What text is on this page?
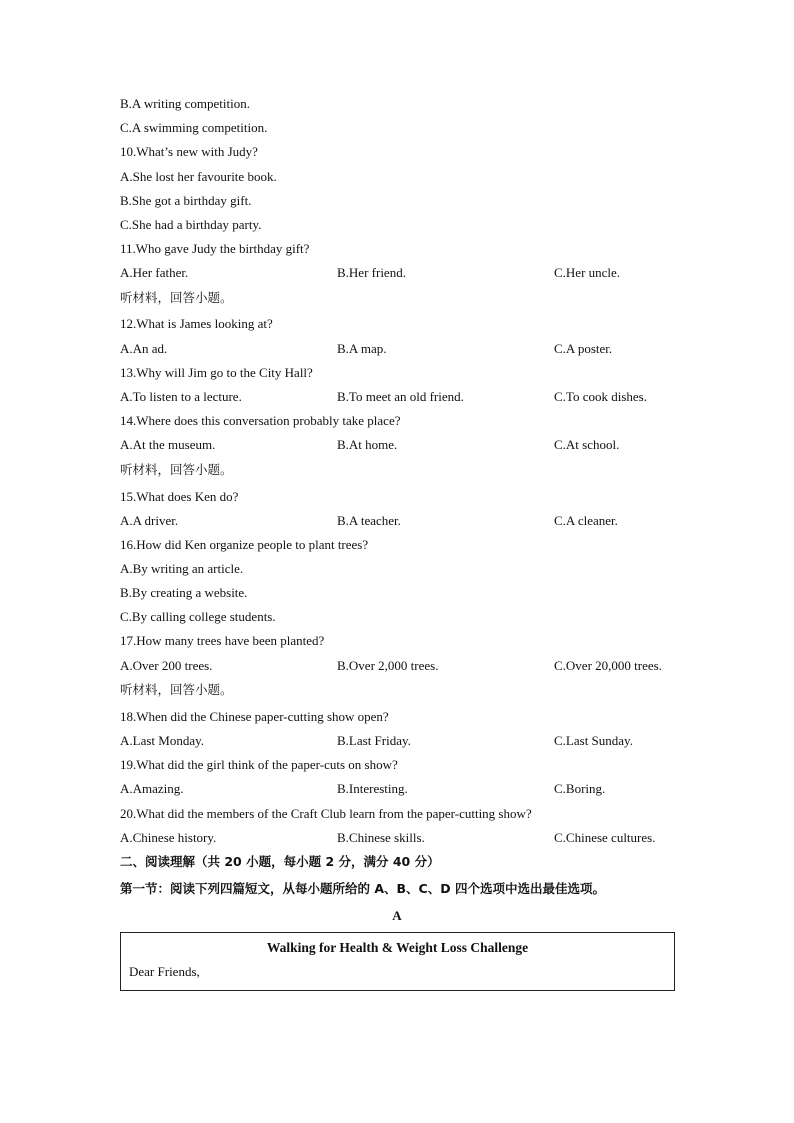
B.A writing competition.
C.A swimming competition.
10.What’s new with Judy?
A.She lost her favourite book.
B.She got a birthday gift.
C.She had a birthday party.
11.Who gave Judy the birthday gift?
A.Her father.	B.Her friend.	C.Her uncle.
听材料，回答小题。
12.What is James looking at?
A.An ad.	B.A map.	C.A poster.
13.Why will Jim go to the City Hall?
A.To listen to a lecture.	B.To meet an old friend.	C.To cook dishes.
14.Where does this conversation probably take place?
A.At the museum.	B.At home.	C.At school.
听材料，回答小题。
15.What does Ken do?
A.A driver.	B.A teacher.	C.A cleaner.
16.How did Ken organize people to plant trees?
A.By writing an article.
B.By creating a website.
C.By calling college students.
17.How many trees have been planted?
A.Over 200 trees.	B.Over 2,000 trees.	C.Over 20,000 trees.
听材料，回答小题。
18.When did the Chinese paper-cutting show open?
A.Last Monday.	B.Last Friday.	C.Last Sunday.
19.What did the girl think of the paper-cuts on show?
A.Amazing.	B.Interesting.	C.Boring.
20.What did the members of the Craft Club learn from the paper-cutting show?
A.Chinese history.	B.Chinese skills.	C.Chinese cultures.
二、阅读理解（共 20 小题，每小题 2 分，满分 40 分）
第一节：阅读下列四篇短文，从每小题所给的 A、B、C、D 四个选项中选出最佳选项。
A
Walking for Health & Weight Loss Challenge
Dear Friends,
